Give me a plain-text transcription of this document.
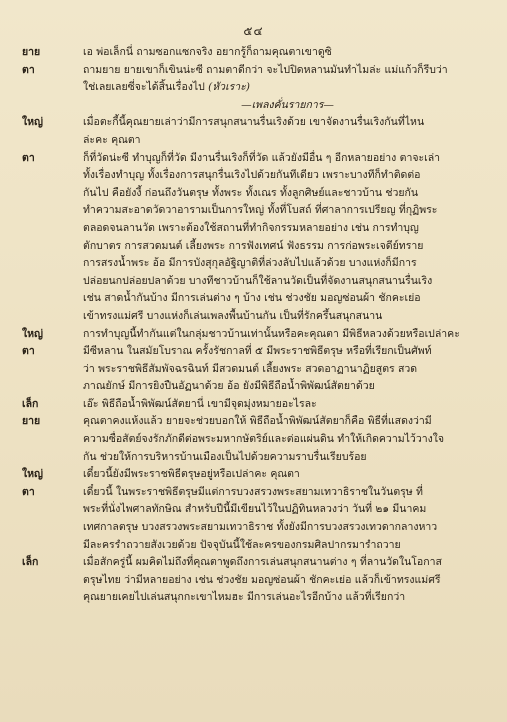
๕๔
ยาย	เอ พ่อเล็กนี่ ถามซอกแซกจริง อยากรู้ก็ถามคุณตาเขาดูซิ
ตา	ถามยาย ยายเขาก็เขินน่ะซี ถามตาดีกว่า จะไปปิดหลานมันทำไมล่ะ แม่แก้วก็รีบว่า
ใช่เลยเลยซี่จะได้สิ้นเรื่องไป (หัวเราะ)
—เพลงคั่นรายการ—
ใหญ่	เมื่อตะกี้นี้คุณยายเล่าว่ามีการสนุกสนานรื่นเริงด้วย เขาจัดงานรื่นเริงกันที่ไหน
ล่ะคะ คุณตา
ตา	ก็ที่วัดน่ะซี ทำบุญก็ที่วัด มีงานรื่นเริงก็ที่วัด แล้วยังมีอื่น ๆ อีกหลายอย่าง ตาจะเล่า
ทั้งเรื่องทำบุญ ทั้งเรื่องการสนุกรื่นเริงไปด้วยกันทีเดียว เพราะบางทีก็ทำติดต่อ
กันไป คือยังงี้ ก่อนถึงวันตรุษ ทั้งพระ ทั้งเณร ทั้งลูกศิษย์และชาวบ้าน ช่วยกัน
ทำความสะอาดวัดวาอารามเป็นการใหญ่ ทั้งที่โบสถ์ ที่ศาลาการเปรียญ ที่กุฏิพระ
ตลอดจนลานวัด เพราะต้องใช้สถานที่ทำกิจกรรมหลายอย่าง เช่น การทำบุญ
ตักบาตร การสวดมนต์ เลี้ยงพระ การฟังเทศน์ ฟังธรรม การก่อพระเจดีย์ทราย
การสรงน้ำพระ อ้อ มีการบังสุกุลอัฐิญาติที่ล่วงลับไปแล้วด้วย บางแห่งก็มีการ
ปล่อยนกปล่อยปลาด้วย บางทีชาวบ้านก็ใช้ลานวัดเป็นที่จัดงานสนุกสนานรื่นเริง
เช่น สาดน้ำกันบ้าง มีการเล่นต่าง ๆ บ้าง เช่น ช่วงชัย มอญซ่อนผ้า ชักคะเย่อ
เข้าทรงแม่ศรี บางแห่งก็เล่นเพลงพื้นบ้านกัน เป็นที่รักครึ้นสนุกสนาน
ใหญ่	การทำบุญนี้ทำกันแต่ในกลุ่มชาวบ้านเท่านั้นหรือคะคุณตา มีพิธีหลวงด้วยหรือเปล่าคะ
ตา	มีซีหลาน ในสมัยโบราณ ครั้งรัชกาลที่ ๕ มีพระราชพิธีตรุษ หรือที่เรียกเป็นศัพท์
ว่า พระราชพิธีสัมพัจฉรฉินท์ มีสวดมนต์ เลี้ยงพระ สวดอาฏานาฏิยสูตร สวด
ภาณยักษ์ มีการยิงปืนอัฏนาด้วย อ้อ ยังมีพิธีถือน้ำพิพัฒน์สัตยาด้วย
เล็ก	เอ๊ะ พิธีถือน้ำพิพัฒน์สัตยานี่ เขามีจุดมุ่งหมายอะไรละ
ยาย	คุณตาคงแห้งแล้ว ยายจะช่วยบอกให้ พิธีถือน้ำพิพัฒน์สัตยาก็คือ พิธีที่แสดงว่ามี
ความซื่อสัตย์จงรักภักดีต่อพระมหากษัตริย์และต่อแผ่นดิน ทำให้เกิดความไว้วางใจ
กัน ช่วยให้การบริหารบ้านเมืองเป็นไปด้วยความราบรื่นเรียบร้อย
ใหญ่	เดี๋ยวนี้ยังมีพระราชพิธีตรุษอยู่หรือเปล่าคะ คุณตา
ตา	เดี๋ยวนี้ ในพระราชพิธีตรุษมีแต่การบวงสรวงพระสยามเทวาธิราชในวันตรุษ ที่
พระที่นั่งไพศาลทักษิณ สำหรับปีนี้มีเขียนไว้ในปฏิทินหลวงว่า วันที่ ๒๑ มีนาคม
เทศกาลตรุษ บวงสรวงพระสยามเทวาธิราช ทั้งยังมีการบวงสรวงเทวดากลางหาว
มีละครรำถวายสังเวยด้วย ปัจจุบันนี้ใช้ละครของกรมศิลปากรมารำถวาย
เล็ก	เมื่อสักครู่นี้ ผมคิดไม่ถึงที่คุณตาพูดถึงการเล่นสนุกสนานต่าง ๆ ที่ลานวัดในโอกาส
ตรุษไทย ว่ามีหลายอย่าง เช่น ช่วงชัย มอญซ่อนผ้า ชักคะเย่อ แล้วก็เข้าทรงแม่ศรี
คุณยายเคยไปเล่นสนุกกะเขาไหมฮะ มีการเล่นอะไรอีกบ้าง แล้วที่เรียกว่า
